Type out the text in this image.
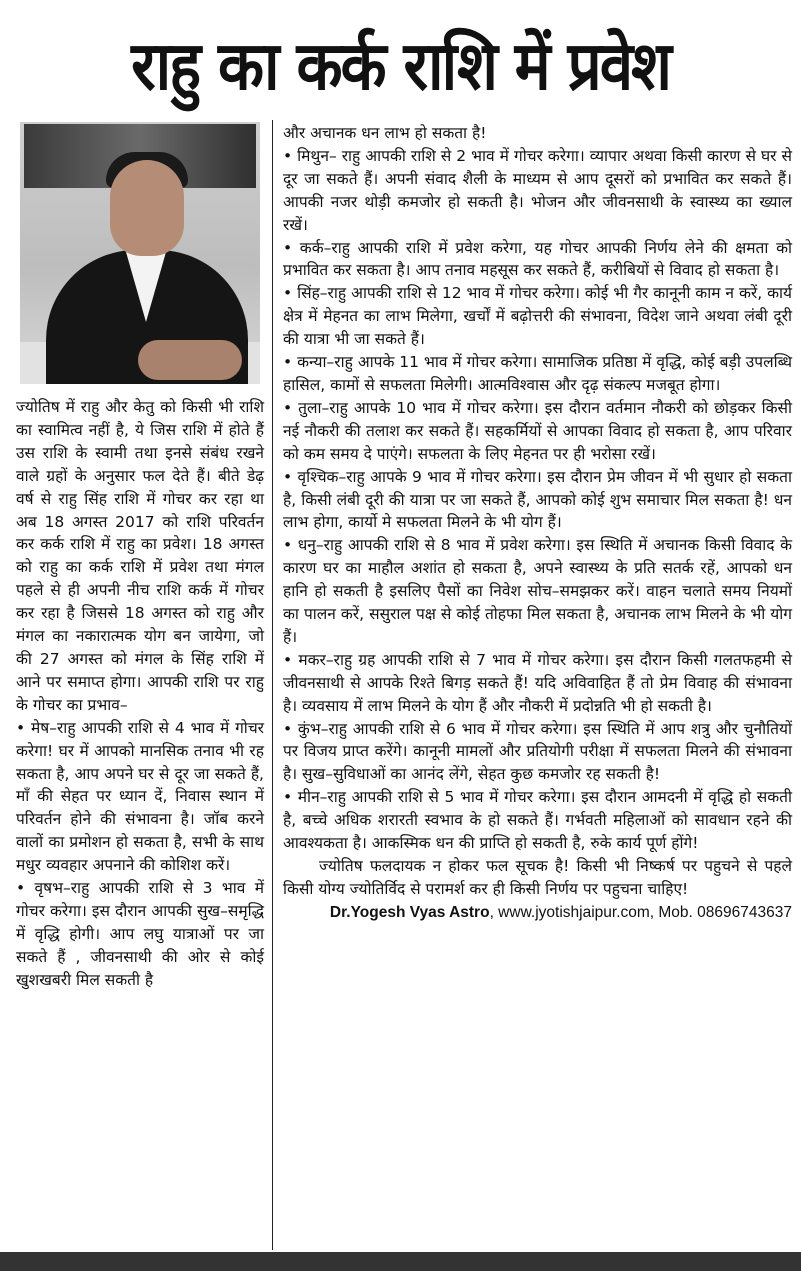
राहु का कर्क राशि में प्रवेश

ज्योतिष में राहु और केतु को किसी भी राशि का स्वामित्व नहीं है, ये जिस राशि में होते हैं उस राशि के स्वामी तथा इनसे संबंध रखने वाले ग्रहों के अनुसार फल देते हैं। बीते डेढ़ वर्ष से राहु सिंह राशि में गोचर कर रहा था अब 18 अगस्त 2017 को राशि परिवर्तन कर कर्क राशि में राहु का प्रवेश। 18 अगस्त को राहु का कर्क राशि में प्रवेश तथा मंगल पहले से ही अपनी नीच राशि कर्क में गोचर कर रहा है जिससे 18 अगस्त को राहु और मंगल का नकारात्मक योग बन जायेगा, जो की 27 अगस्त को मंगल के सिंह राशि में आने पर समाप्त होगा। आपकी राशि पर राहु के गोचर का प्रभाव–

• मेष–राहु आपकी राशि से 4 भाव में गोचर करेगा! घर में आपको मानसिक तनाव भी रह सकता है, आप अपने घर से दूर जा सकते हैं, माँ की सेहत पर ध्यान दें, निवास स्थान में परिवर्तन होने की संभावना है। जॉब करने वालों का प्रमोशन हो सकता है, सभी के साथ मधुर व्यवहार अपनाने की कोशिश करें।

• वृषभ–राहु आपकी राशि से 3 भाव में गोचर करेगा। इस दौरान आपकी सुख–समृद्धि में वृद्धि होगी। आप लघु यात्राओं पर जा सकते हैं , जीवनसाथी की ओर से कोई खुशखबरी मिल सकती है

और अचानक धन लाभ हो सकता है!

• मिथुन– राहु आपकी राशि से 2 भाव में गोचर करेगा। व्यापार अथवा किसी कारण से घर से दूर जा सकते हैं। अपनी संवाद शैली के माध्यम से आप दूसरों को प्रभावित कर सकते हैं। आपकी नजर थोड़ी कमजोर हो सकती है। भोजन और जीवनसाथी के स्वास्थ्य का ख्याल रखें।

• कर्क–राहु आपकी राशि में प्रवेश करेगा, यह गोचर आपकी निर्णय लेने की क्षमता को प्रभावित कर सकता है। आप तनाव महसूस कर सकते हैं, करीबियों से विवाद हो सकता है।

• सिंह–राहु आपकी राशि से 12 भाव में गोचर करेगा। कोई भी गैर कानूनी काम न करें, कार्य क्षेत्र में मेहनत का लाभ मिलेगा, खर्चों में बढ़ोत्तरी की संभावना, विदेश जाने अथवा लंबी दूरी की यात्रा भी जा सकते हैं।

• कन्या–राहु आपके 11 भाव में गोचर करेगा। सामाजिक प्रतिष्ठा में वृद्धि, कोई बड़ी उपलब्धि हासिल, कामों से सफलता मिलेगी। आत्मविश्वास और दृढ़ संकल्प मजबूत होगा।

• तुला–राहु आपके 10 भाव में गोचर करेगा। इस दौरान वर्तमान नौकरी को छोड़कर किसी नई नौकरी की तलाश कर सकते हैं। सहकर्मियों से आपका विवाद हो सकता है, आप परिवार को कम समय दे पाएंगे। सफलता के लिए मेहनत पर ही भरोसा रखें।

• वृश्चिक–राहु आपके 9 भाव में गोचर करेगा। इस दौरान प्रेम जीवन में भी सुधार हो सकता है, किसी लंबी दूरी की यात्रा पर जा सकते हैं, आपको कोई शुभ समाचार मिल सकता है! धन लाभ होगा, कार्यो मे सफलता मिलने के भी योग हैं।

• धनु–राहु आपकी राशि से 8 भाव में प्रवेश करेगा। इस स्थिति में अचानक किसी विवाद के कारण घर का माहौल अशांत हो सकता है, अपने स्वास्थ्य के प्रति सतर्क रहें, आपको धन हानि हो सकती है इसलिए पैसों का निवेश सोच–समझकर करें। वाहन चलाते समय नियमों का पालन करें, ससुराल पक्ष से कोई तोहफा मिल सकता है, अचानक लाभ मिलने के भी योग हैं।

• मकर–राहु ग्रह आपकी राशि से 7 भाव में गोचर करेगा। इस दौरान किसी गलतफहमी से जीवनसाथी से आपके रिश्ते बिगड़ सकते हैं! यदि अविवाहित हैं तो प्रेम विवाह की संभावना है। व्यवसाय में लाभ मिलने के योग हैं और नौकरी में प्रदोन्नति भी हो सकती है।

• कुंभ–राहु आपकी राशि से 6 भाव में गोचर करेगा। इस स्थिति में आप शत्रु और चुनौतियों पर विजय प्राप्त करेंगे। कानूनी मामलों और प्रतियोगी परीक्षा में सफलता मिलने की संभावना है। सुख–सुविधाओं का आनंद लेंगे, सेहत कुछ कमजोर रह सकती है!

• मीन–राहु आपकी राशि से 5 भाव में गोचर करेगा। इस दौरान आमदनी में वृद्धि हो सकती है, बच्चे अधिक शरारती स्वभाव के हो सकते हैं। गर्भवती महिलाओं को सावधान रहने की आवश्यकता है। आकस्मिक धन की प्राप्ति हो सकती है, रुके कार्य पूर्ण होंगे!

ज्योतिष फलदायक न होकर फल सूचक है! किसी भी निष्कर्ष पर पहुचने से पहले किसी योग्य ज्योतिर्विद से परामर्श कर ही किसी निर्णय पर पहुचना चाहिए!

Dr.Yogesh Vyas Astro, www.jyotishjaipur.com, Mob. 08696743637
